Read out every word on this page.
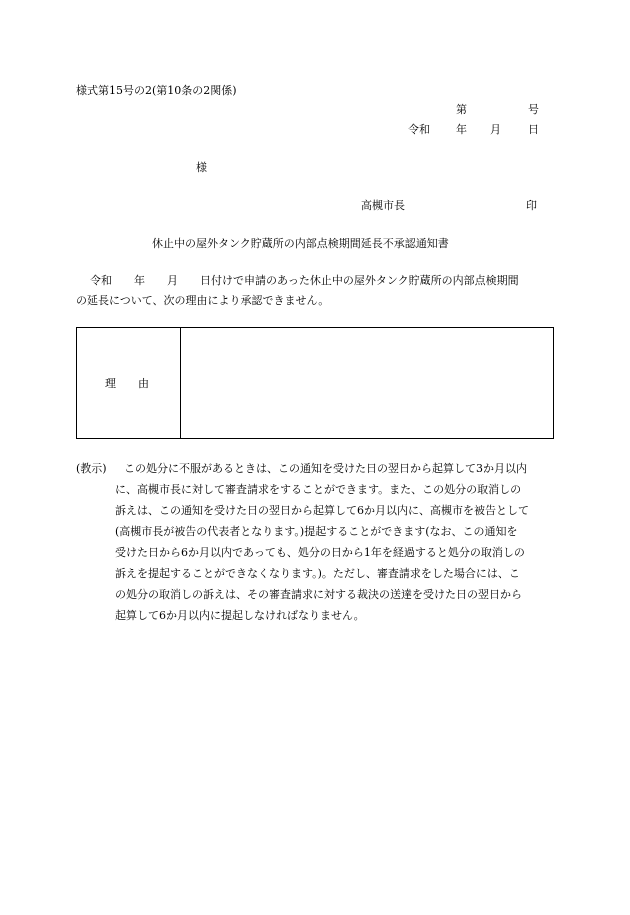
様式第15号の2(第10条の2関係)
第	号
令和 年 月 日
様
高槻市長	印
休止中の屋外タンク貯蔵所の内部点検期間延長不承認通知書
令和　　年　　月　　日付けで申請のあった休止中の屋外タンク貯蔵所の内部点検期間
の延長について、次の理由により承認できません。
理　　由
(教示) この処分に不服があるときは、この通知を受けた日の翌日から起算して3か月以内
に、高槻市長に対して審査請求をすることができます。また、この処分の取消しの
訴えは、この通知を受けた日の翌日から起算して6か月以内に、高槻市を被告として
(高槻市長が被告の代表者となります。)提起することができます(なお、この通知を
受けた日から6か月以内であっても、処分の日から1年を経過すると処分の取消しの
訴えを提起することができなくなります。)。ただし、審査請求をした場合には、こ
の処分の取消しの訴えは、その審査請求に対する裁決の送達を受けた日の翌日から
起算して6か月以内に提起しなければなりません。
